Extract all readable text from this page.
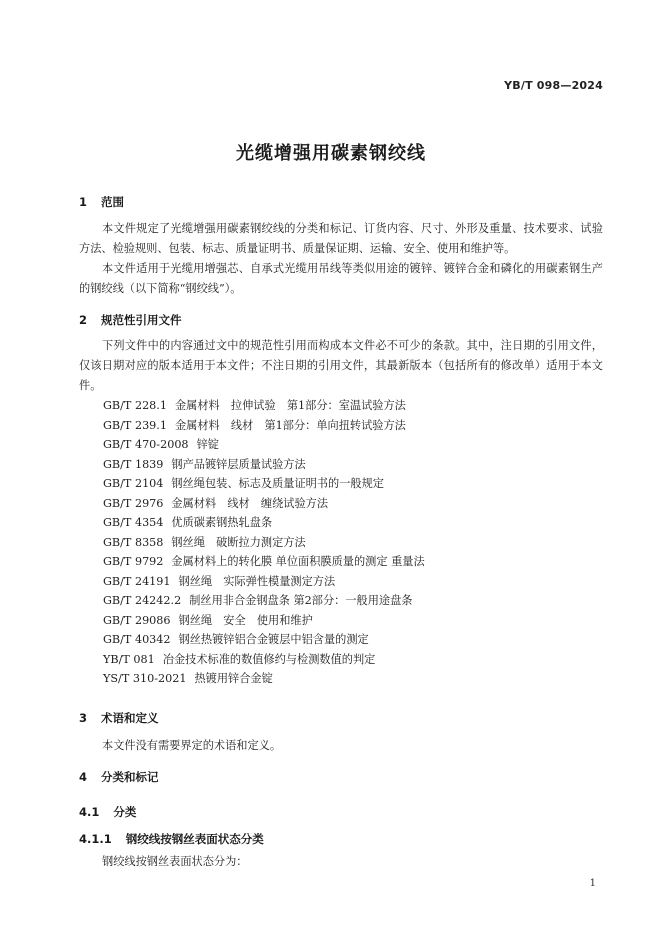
YB/T 098—2024
光缆增强用碳素钢绞线
1 范围
本文件规定了光缆增强用碳素钢绞线的分类和标记、订货内容、尺寸、外形及重量、技术要求、试验方法、检验规则、包装、标志、质量证明书、质量保证期、运输、安全、使用和维护等。
本文件适用于光缆用增强芯、自承式光缆用吊线等类似用途的镀锌、镀锌合金和磷化的用碳素钢生产的钢绞线（以下简称“钢绞线”）。
2 规范性引用文件
下列文件中的内容通过文中的规范性引用而构成本文件必不可少的条款。其中，注日期的引用文件，仅该日期对应的版本适用于本文件；不注日期的引用文件，其最新版本（包括所有的修改单）适用于本文件。
GB/T 228.1 金属材料　拉伸试验　第1部分：室温试验方法
GB/T 239.1 金属材料　线材　第1部分：单向扭转试验方法
GB/T 470-2008 锌锭
GB/T 1839 钢产品镀锌层质量试验方法
GB/T 2104 钢丝绳包装、标志及质量证明书的一般规定
GB/T 2976 金属材料　线材　缠绕试验方法
GB/T 4354 优质碳素钢热轧盘条
GB/T 8358 钢丝绳　破断拉力测定方法
GB/T 9792 金属材料上的转化膜 单位面积膜质量的测定 重量法
GB/T 24191 钢丝绳　实际弹性模量测定方法
GB/T 24242.2 制丝用非合金钢盘条 第2部分：一般用途盘条
GB/T 29086 钢丝绳　安全　使用和维护
GB/T 40342 钢丝热镀锌铝合金镀层中铝含量的测定
YB/T 081 冶金技术标准的数值修约与检测数值的判定
YS/T 310-2021 热镀用锌合金锭
3 术语和定义
本文件没有需要界定的术语和定义。
4 分类和标记
4.1 分类
4.1.1 钢绞线按钢丝表面状态分类
钢绞线按钢丝表面状态分为：
1
